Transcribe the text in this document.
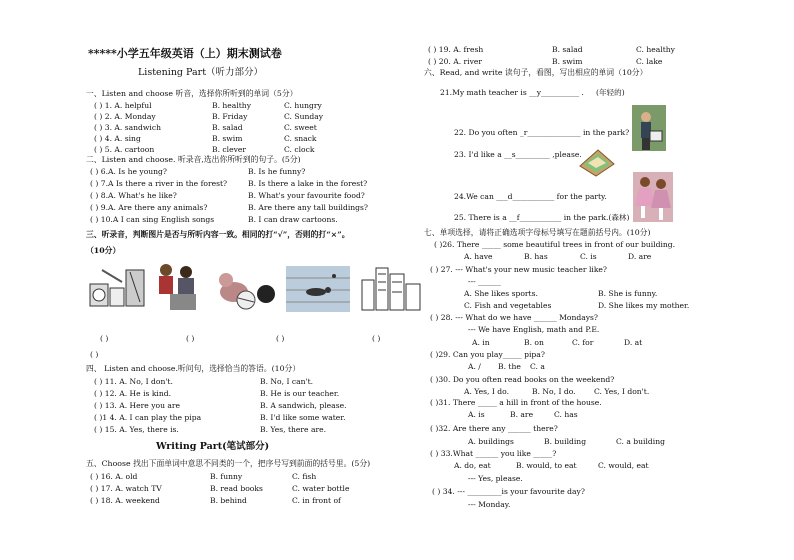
*****小学五年级英语（上）期末测试卷
Listening Part（听力部分）
一、Listen and choose 听音，选择你所听到的单词（5分）
( ) 1. A. helpful	B. healthy	C. hungry
( ) 2. A. Monday	B. Friday	C. Sunday
( ) 3. A. sandwich	B. salad	C. sweet
( ) 4. A. sing	B. swim	C. snack
( ) 5. A. cartoon	B. clever	C. clock
二、Listen and choose. 听录音,选出你所听到的句子。(5分)
( ) 6.A. Is he young?	B. Is he funny?
( ) 7.A Is there a river in the forest?	B. Is there a lake in the forest?
( ) 8.A. What's he like?	B. What's your favourite food?
( ) 9.A. Are there any animals?	B. Are there any tall buildings?
( ) 10.A I can sing English songs	B. I can draw cartoons.
三、听录音，判断图片是否与所听内容一致。相同的打“√”，否则的打“×”。
（10分）
( )	( )	( )	( )
( )
四、 Listen and choose.听问句，选择恰当的答语。(10分）
( ) 11. A. No, I don't.	B. No, I can't.
( ) 12. A. He is kind.	B. He is our teacher.
( ) 13. A. Here you are	B. A sandwich, please.
( )1 4. A. I can play the pipa	B. I'd like some water.
( ) 15. A. Yes, there is.	B. Yes, there are.
Writing Part(笔试部分)
五、Choose 找出下面单词中意思不同类的一个，把序号写到前面的括号里。(5分)
( ) 16. A. old	B. funny	C. fish
( ) 17. A. watch TV	B. read books	C. water bottle
( ) 18. A. weekend	B. behind	C. in front of
( ) 19. A. fresh	B. salad	C. healthy
( ) 20. A. river	B. swim	C. lake
六、Read, and write 读句子，看图，写出相应的单词（10分）
21.My math teacher is __y__________ . (年轻的)
22. Do you often _r______________ in the park?
23. I'd like a __s_________ ,please.
24.We can ___d___________ for the party.
25. There is a __f___________ in the park.(森林)
七、单项选择，请将正确选项字母标号填写在题前括号内。(10分)
( )26. There _____ some beautiful trees in front of our building.
A. have	B. has	C. is	D. are
( ) 27. --- What's your new music teacher like?
--- ______
A. She likes sports.	B. She is funny.
C. Fish and vegetables	D. She likes my mother.
( ) 28. --- What do we have ______ Mondays?
--- We have English, math and P.E.
A. in	B. on	C. for	D. at
( )29. Can you play_____ pipa?
A. / B. the C. a
( )30. Do you often read books on the weekend?
A. Yes, I do.	B. No, I do. C. Yes, I don't.
( )31. There _____ a hill in front of the house.
A. is	B. are	C. has
( )32. Are there any ______ there?
A. buildings	B. building	C. a building
( ) 33.What ______ you like _____?
A. do, eat	B. would, to eat	C. would, eat
--- Yes, please.
( ) 34. --- _________is your favourite day?
--- Monday.
